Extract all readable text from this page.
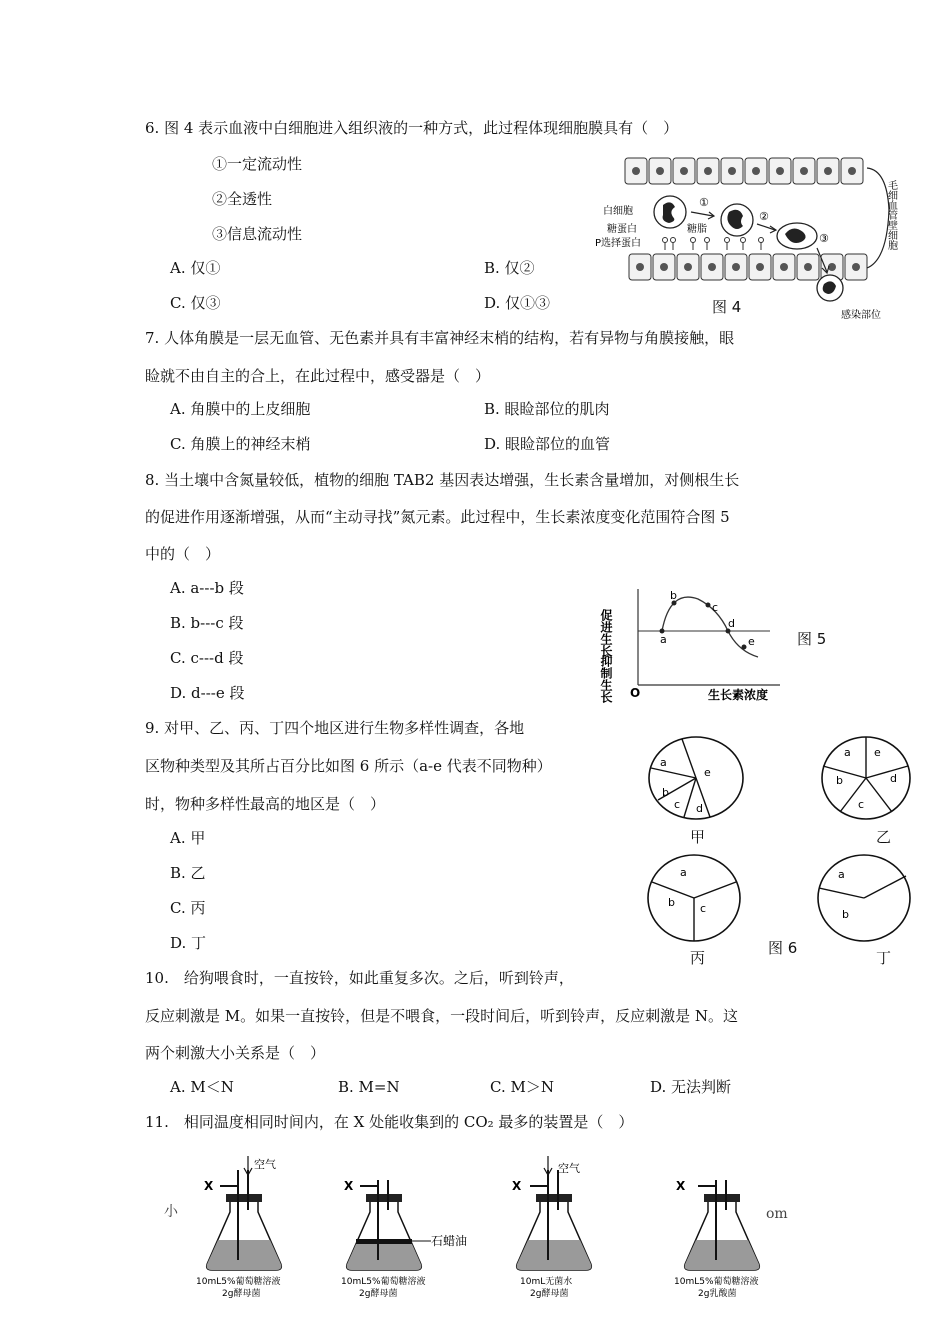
6. 图 4 表示血液中白细胞进入组织液的一种方式，此过程体现细胞膜具有（　）
①一定流动性
②全透性
③信息流动性
A. 仅①	B. 仅②
C. 仅③	D. 仅①③
①
②
③
白细胞
糖蛋白
P选择蛋白
糖脂
感染部位
毛细血管壁细胞
图 4
7. 人体角膜是一层无血管、无色素并具有丰富神经末梢的结构，若有异物与角膜接触，眼
睑就不由自主的合上，在此过程中，感受器是（　）
A. 角膜中的上皮细胞	B. 眼睑部位的肌肉
C. 角膜上的神经末梢	D. 眼睑部位的血管
8. 当土壤中含氮量较低，植物的细胞 TAB2 基因表达增强，生长素含量增加，对侧根生长
的促进作用逐渐增强，从而“主动寻找”氮元素。此过程中，生长素浓度变化范围符合图 5
中的（　）
A. a---b 段
B. b---c 段
C. c---d 段
D. d---e 段
a
b
c
d
e
促进生长
抑制生长 O	生长素浓度
图 5
9. 对甲、乙、丙、丁四个地区进行生物多样性调查，各地
区物种类型及其所占百分比如图 6 所示（a-e 代表不同物种）
时，物种多样性最高的地区是（　）
A. 甲
B. 乙
C. 丙
D. 丁
a
b
c d
e
甲
a
b
c
d
e
乙
a
b c
丙
a
b
丁
图 6
10.　给狗喂食时，一直按铃，如此重复多次。之后，听到铃声，
反应刺激是 M。如果一直按铃，但是不喂食，一段时间后，听到铃声，反应刺激是 N。这
两个刺激大小关系是（　）
A. M＜N	B. M=N	C. M＞N	D. 无法判断
11.　相同温度相同时间内，在 X 处能收集到的 CO₂ 最多的装置是（　）
小	om
X
空气
10mL5%葡萄糖溶液
2g酵母菌
X
石蜡油
10mL5%葡萄糖溶液
2g酵母菌
X
空气
10mL无菌水
2g酵母菌
X
10mL5%葡萄糖溶液
2g乳酸菌
